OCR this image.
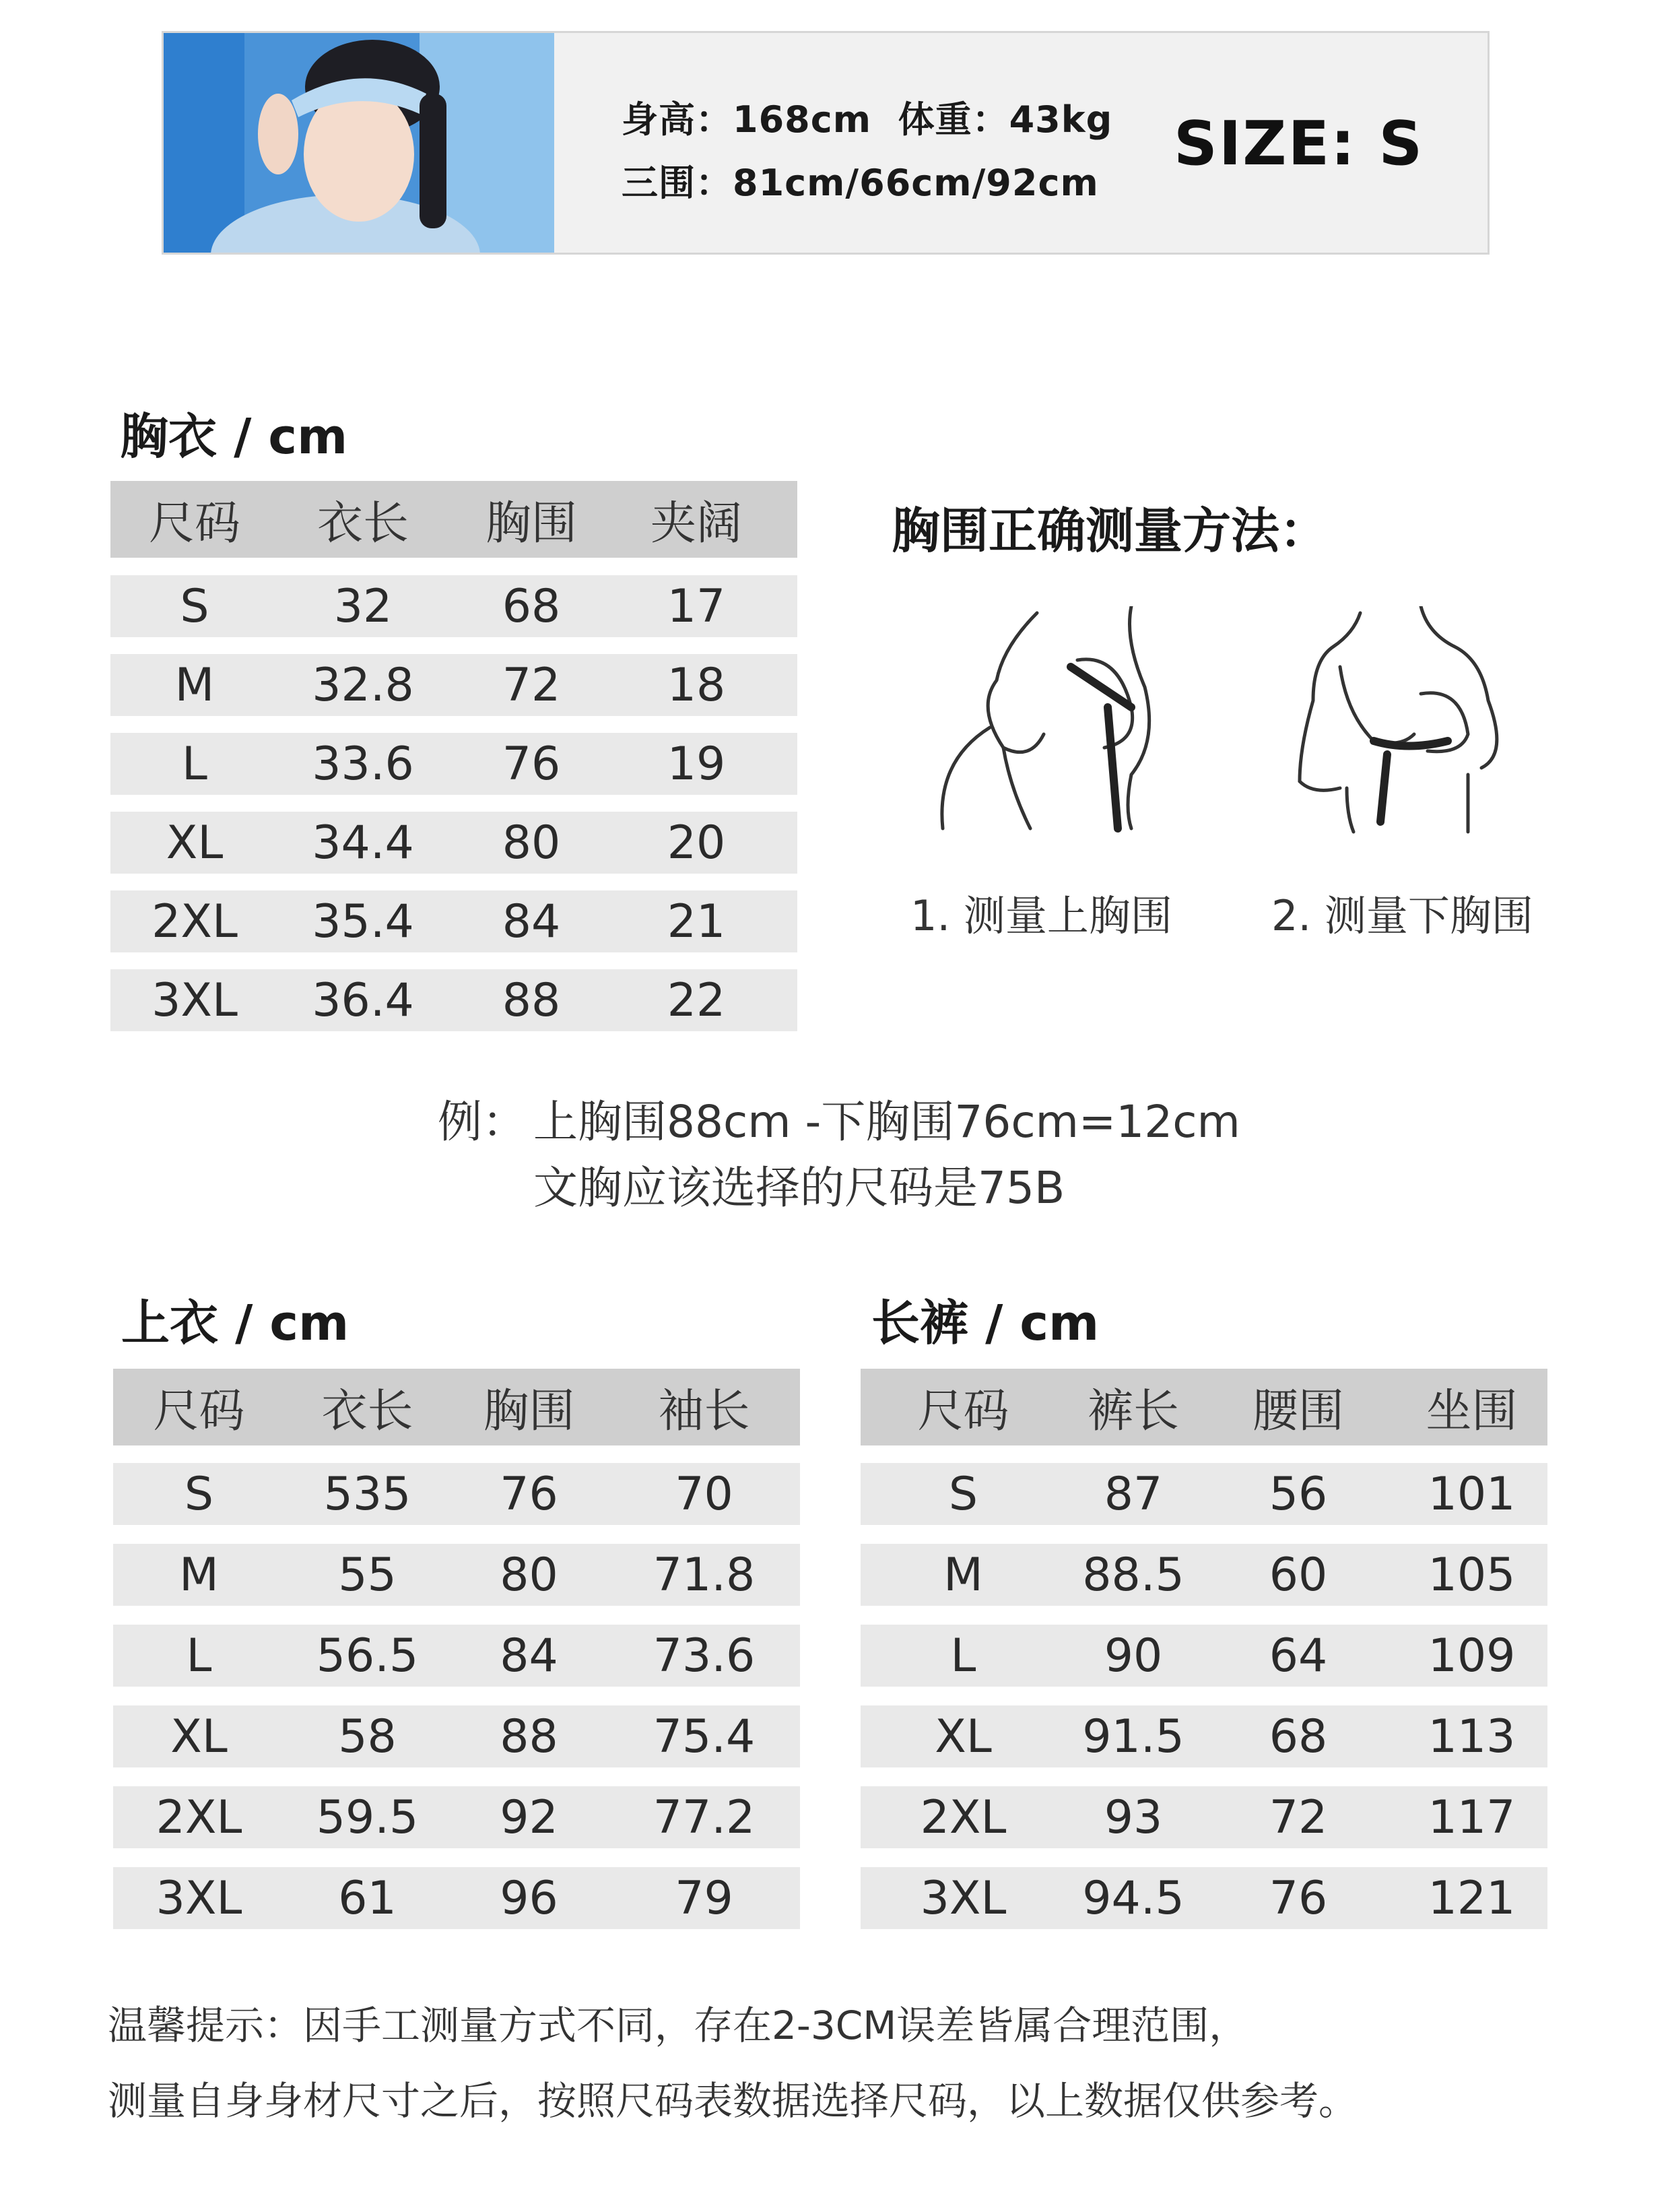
身高：168cm 体重：43kg
三围：81cm/66cm/92cm
SIZE: S
胸衣 / cm
上衣 / cm	长裤 / cm
尺码	衣长	胸围	夹阔
S	32	68	17
M	32.8	72	18
L	33.6	76	19
XL	34.4	80	20
2XL	35.4	84	21
3XL	36.4	88	22
尺码	衣长	胸围	袖长
S	535	76	70
M	55	80	71.8
L	56.5	84	73.6
XL	58	88	75.4
2XL	59.5	92	77.2
3XL	61	96	79
尺码	裤长	腰围	坐围
S	87	56	101
M	88.5	60	105
L	90	64	109
XL	91.5	68	113
2XL	93	72	117
3XL	94.5	76	121
胸围正确测量方法：
1. 测量上胸围 2. 测量下胸围
例： 上胸围88cm -下胸围76cm=12cm
文胸应该选择的尺码是75B
温馨提示：因手工测量方式不同，存在2-3CM误差皆属合理范围，
测量自身身材尺寸之后，按照尺码表数据选择尺码，以上数据仅供参考。
